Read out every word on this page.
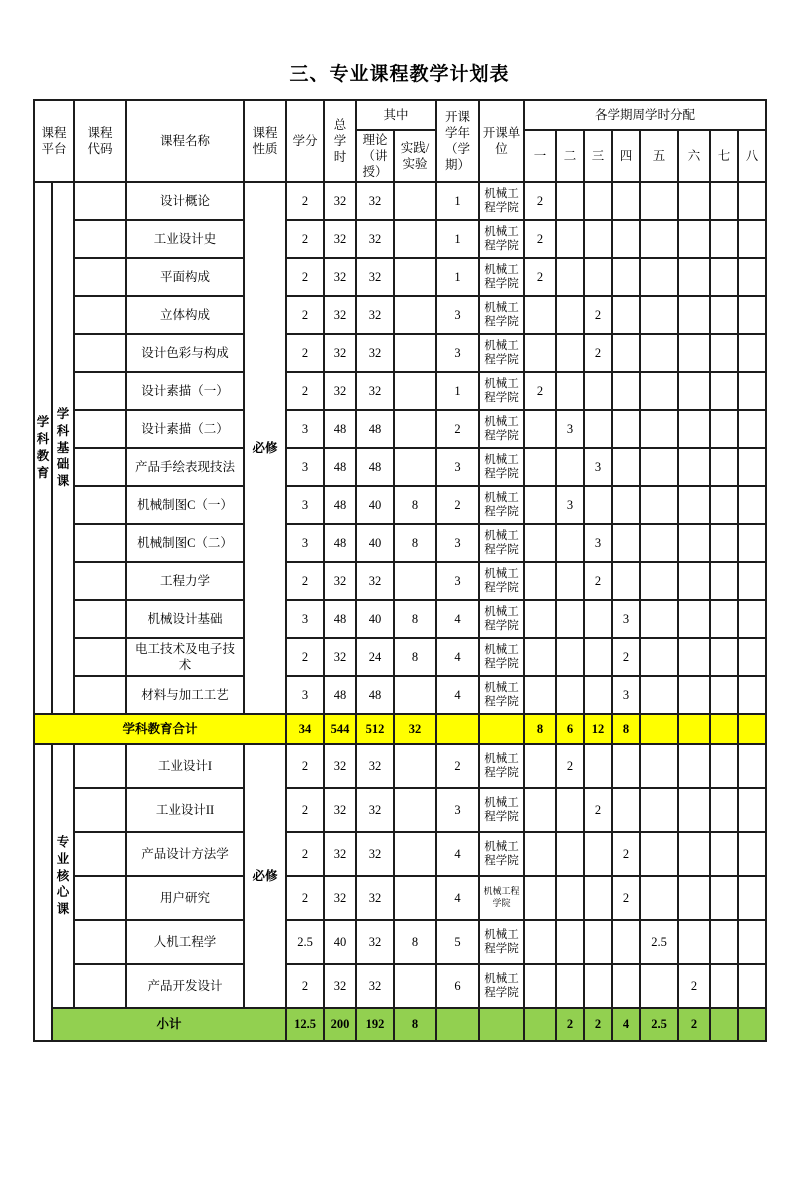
三、专业课程教学计划表
课程平台		课程代码	课程名称	课程性质	学分	总学时	其中		开课学年（学期）	开课单位	各学期周学时分配							
							理论（讲授）	实践/实验			一	二	三	四	五	六	七	八
学科教育	学科基础课		设计概论	必修	2	32	32		1	机械工程学院	2							
			工业设计史		2	32	32		1	机械工程学院	2							
			平面构成		2	32	32		1	机械工程学院	2							
			立体构成		2	32	32		3	机械工程学院			2					
			设计色彩与构成		2	32	32		3	机械工程学院			2					
			设计素描（一）		2	32	32		1	机械工程学院	2							
			设计素描（二）		3	48	48		2	机械工程学院		3						
			产品手绘表现技法		3	48	48		3	机械工程学院			3					
			机械制图C（一）		3	48	40	8	2	机械工程学院		3						
			机械制图C（二）		3	48	40	8	3	机械工程学院			3					
			工程力学		2	32	32		3	机械工程学院			2					
			机械设计基础		3	48	40	8	4	机械工程学院				3				
			电工技术及电子技术		2	32	24	8	4	机械工程学院				2				
			材料与加工工艺		3	48	48		4	机械工程学院				3				
学科教育合计					34	544	512	32			8	6	12	8				
	专业核心课		工业设计I	必修	2	32	32		2	机械工程学院		2						
			工业设计II		2	32	32		3	机械工程学院			2					
			产品设计方法学		2	32	32		4	机械工程学院				2				
			用户研究		2	32	32		4	机械工程学院				2				
			人机工程学		2.5	40	32	8	5	机械工程学院					2.5			
			产品开发设计		2	32	32		6	机械工程学院						2		
	小计				12.5	200	192	8				2	2	4	2.5	2		
